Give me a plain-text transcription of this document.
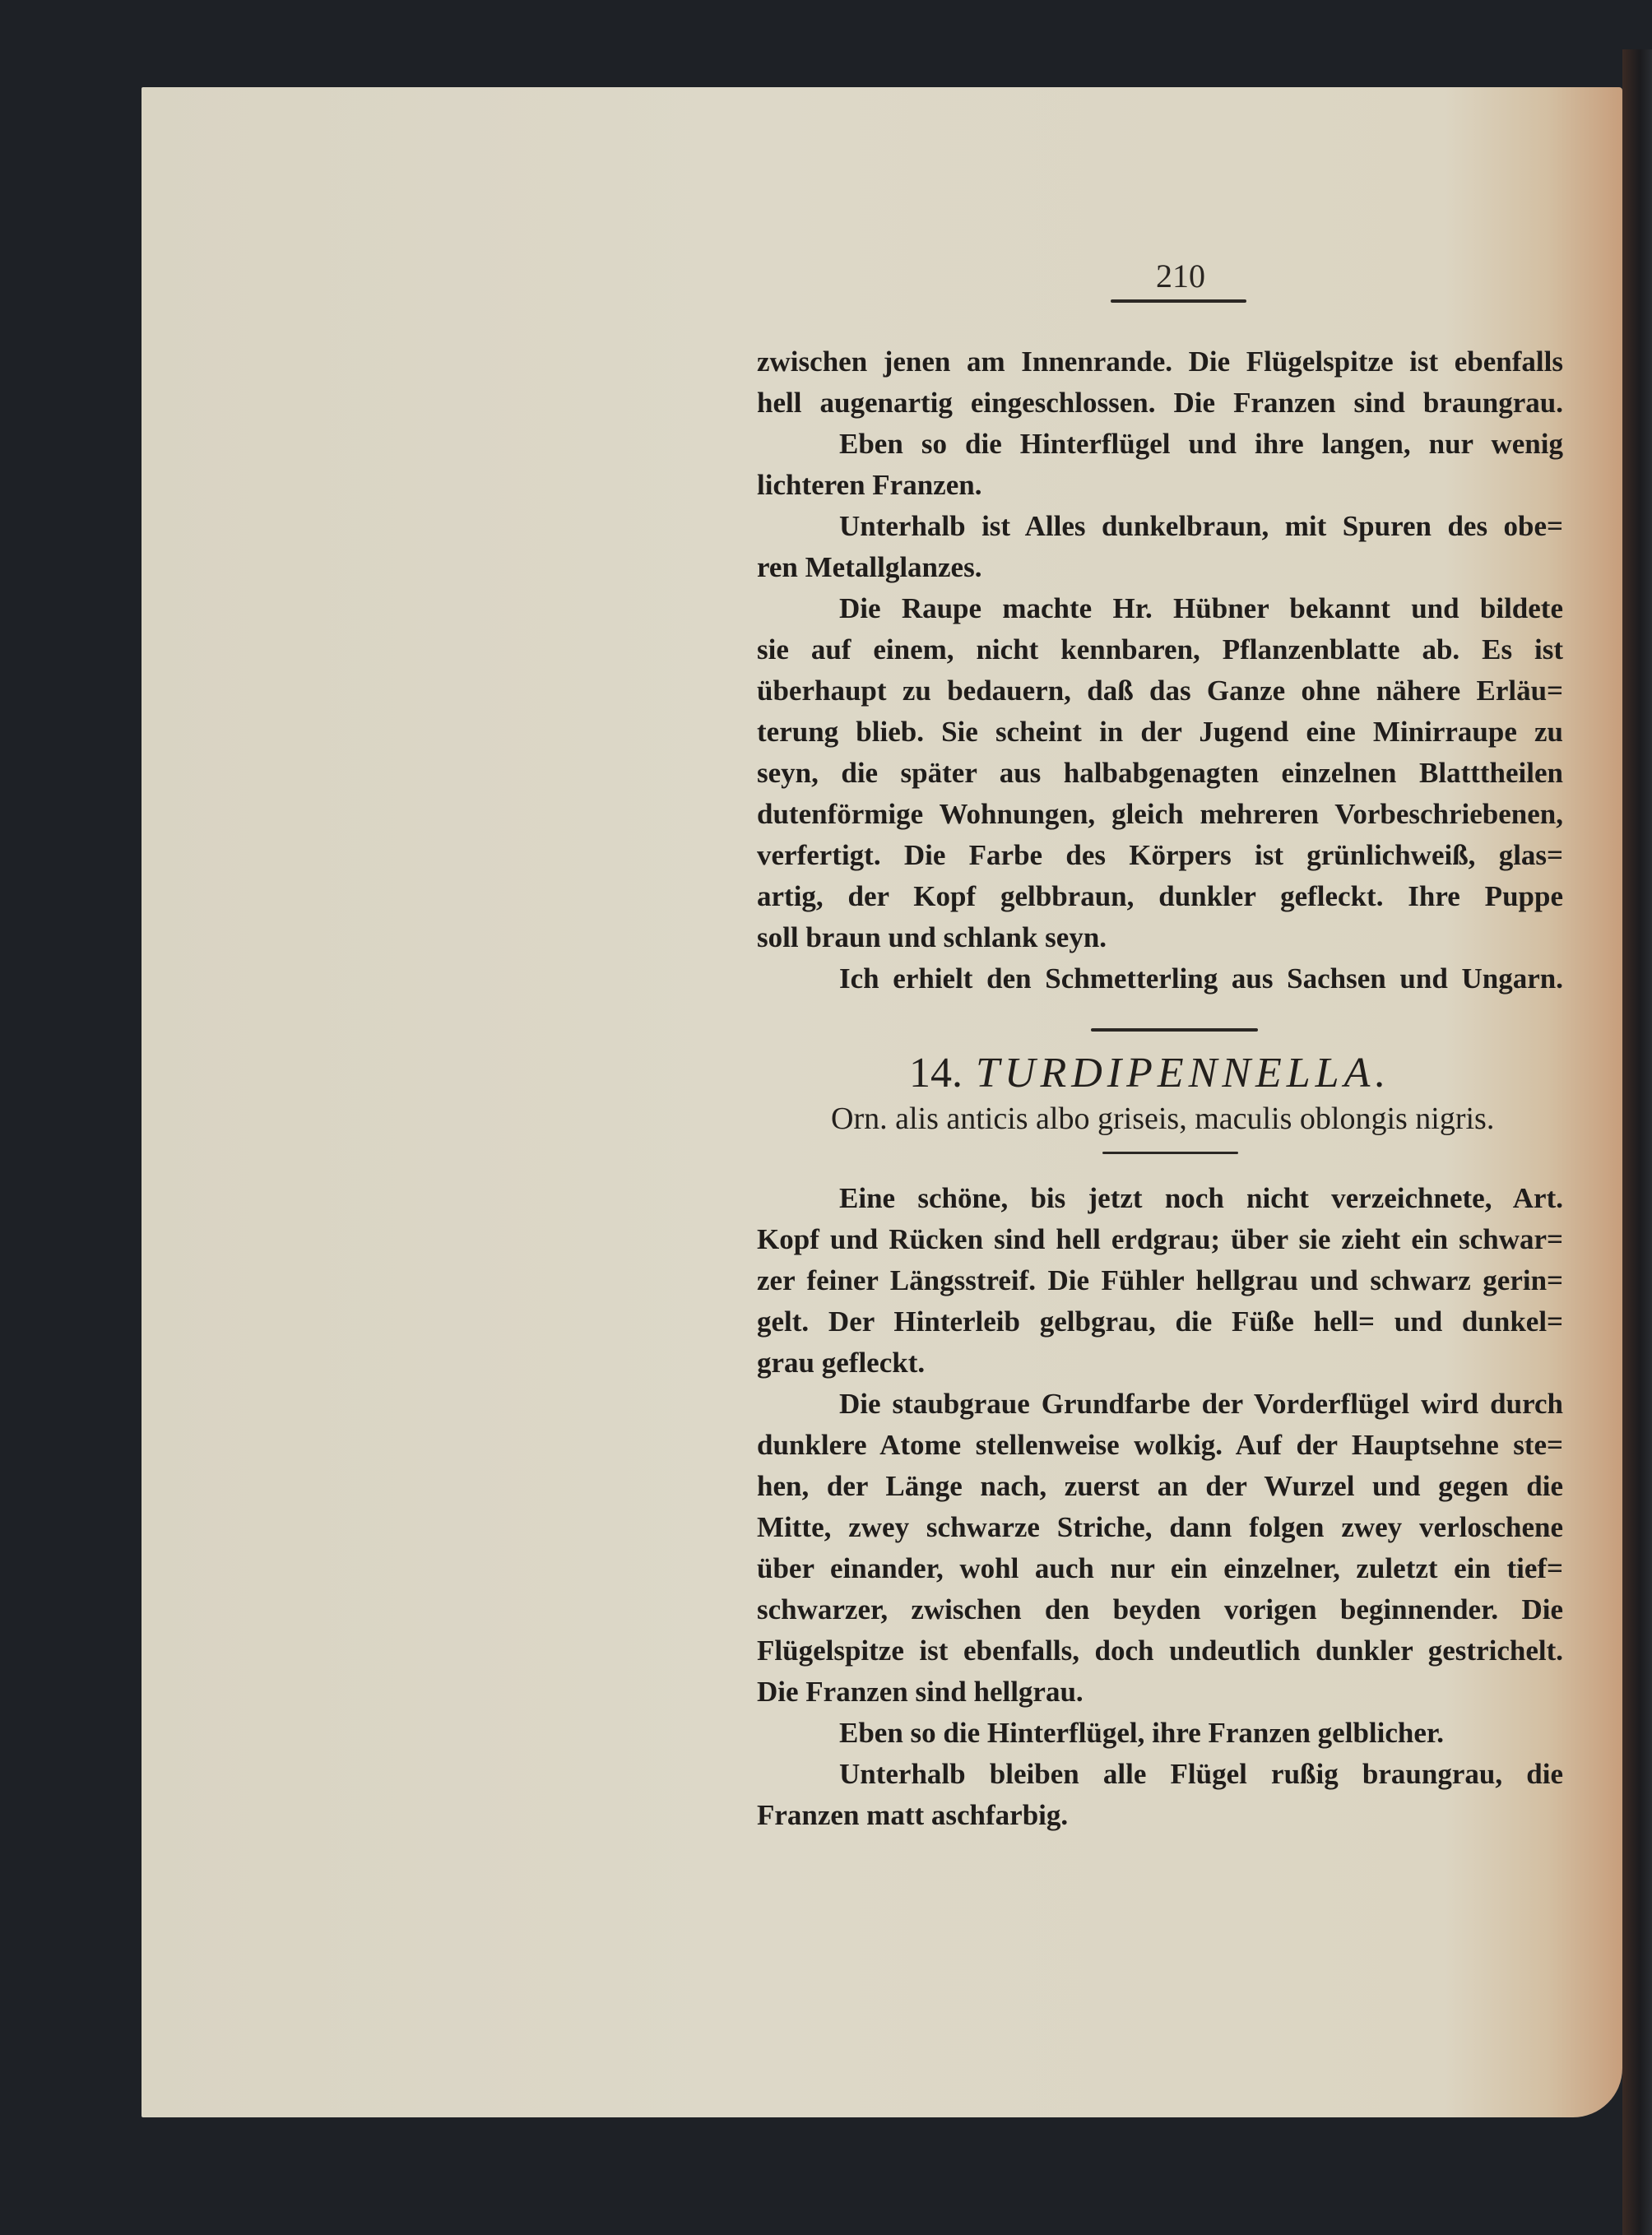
210
zwischen jenen am Innenrande. Die Flügelspitze ist ebenfalls
hell augenartig eingeschlossen. Die Franzen sind braungrau.
Eben so die Hinterflügel und ihre langen, nur wenig
lichteren Franzen.
Unterhalb ist Alles dunkelbraun, mit Spuren des obe=
ren Metallglanzes.
Die Raupe machte Hr. Hübner bekannt und bildete
sie auf einem, nicht kennbaren, Pflanzenblatte ab. Es ist
überhaupt zu bedauern, daß das Ganze ohne nähere Erläu=
terung blieb. Sie scheint in der Jugend eine Minirraupe zu
seyn, die später aus halbabgenagten einzelnen Blatttheilen
dutenförmige Wohnungen, gleich mehreren Vorbeschriebenen,
verfertigt. Die Farbe des Körpers ist grünlichweiß, glas=
artig, der Kopf gelbbraun, dunkler gefleckt. Ihre Puppe
soll braun und schlank seyn.
Ich erhielt den Schmetterling aus Sachsen und Ungarn.
14. TURDIPENNELLA.
Orn. alis anticis albo griseis, maculis oblongis nigris.
Eine schöne, bis jetzt noch nicht verzeichnete, Art.
Kopf und Rücken sind hell erdgrau; über sie zieht ein schwar=
zer feiner Längsstreif. Die Fühler hellgrau und schwarz gerin=
gelt. Der Hinterleib gelbgrau, die Füße hell= und dunkel=
grau gefleckt.
Die staubgraue Grundfarbe der Vorderflügel wird durch
dunklere Atome stellenweise wolkig. Auf der Hauptsehne ste=
hen, der Länge nach, zuerst an der Wurzel und gegen die
Mitte, zwey schwarze Striche, dann folgen zwey verloschene
über einander, wohl auch nur ein einzelner, zuletzt ein tief=
schwarzer, zwischen den beyden vorigen beginnender. Die
Flügelspitze ist ebenfalls, doch undeutlich dunkler gestrichelt.
Die Franzen sind hellgrau.
Eben so die Hinterflügel, ihre Franzen gelblicher.
Unterhalb bleiben alle Flügel rußig braungrau, die
Franzen matt aschfarbig.
